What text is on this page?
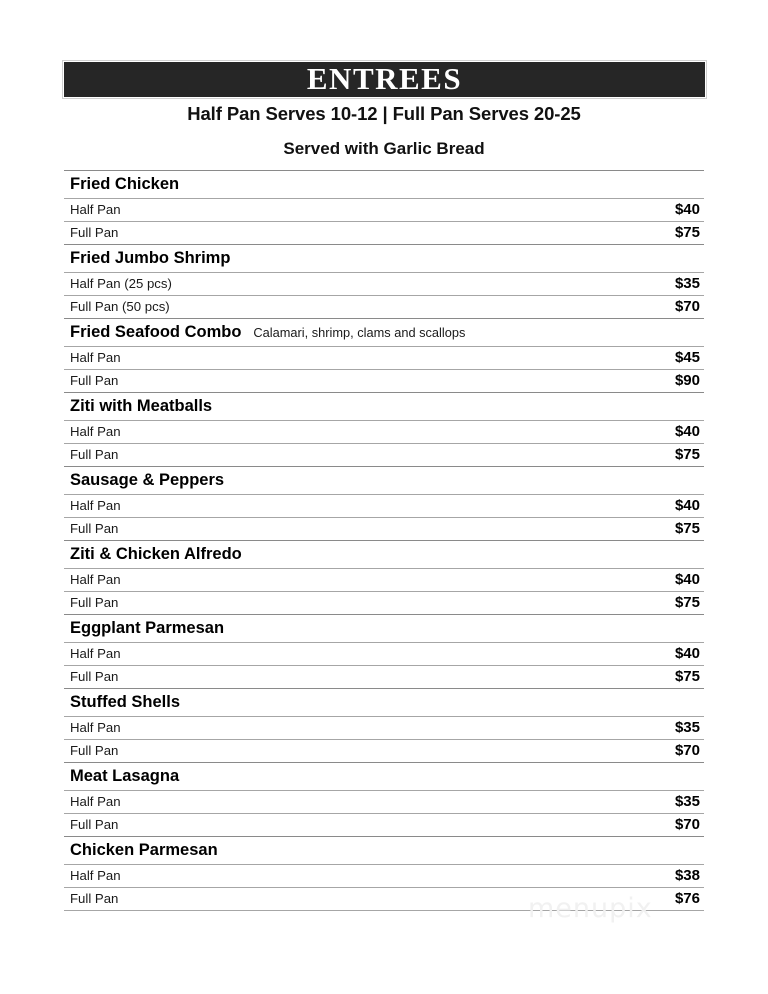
ENTREES
Half Pan Serves 10-12 | Full Pan Serves 20-25
Served with Garlic Bread
Fried Chicken
Half Pan	$40
Full Pan	$75
Fried Jumbo Shrimp
Half Pan (25 pcs)	$35
Full Pan (50 pcs)	$70
Fried Seafood Combo Calamari, shrimp, clams and scallops
Half Pan	$45
Full Pan	$90
Ziti with Meatballs
Half Pan	$40
Full Pan	$75
Sausage & Peppers
Half Pan	$40
Full Pan	$75
Ziti & Chicken Alfredo
Half Pan	$40
Full Pan	$75
Eggplant Parmesan
Half Pan	$40
Full Pan	$75
Stuffed Shells
Half Pan	$35
Full Pan	$70
Meat Lasagna
Half Pan	$35
Full Pan	$70
Chicken Parmesan
Half Pan	$38
Full Pan	$76
menupix
